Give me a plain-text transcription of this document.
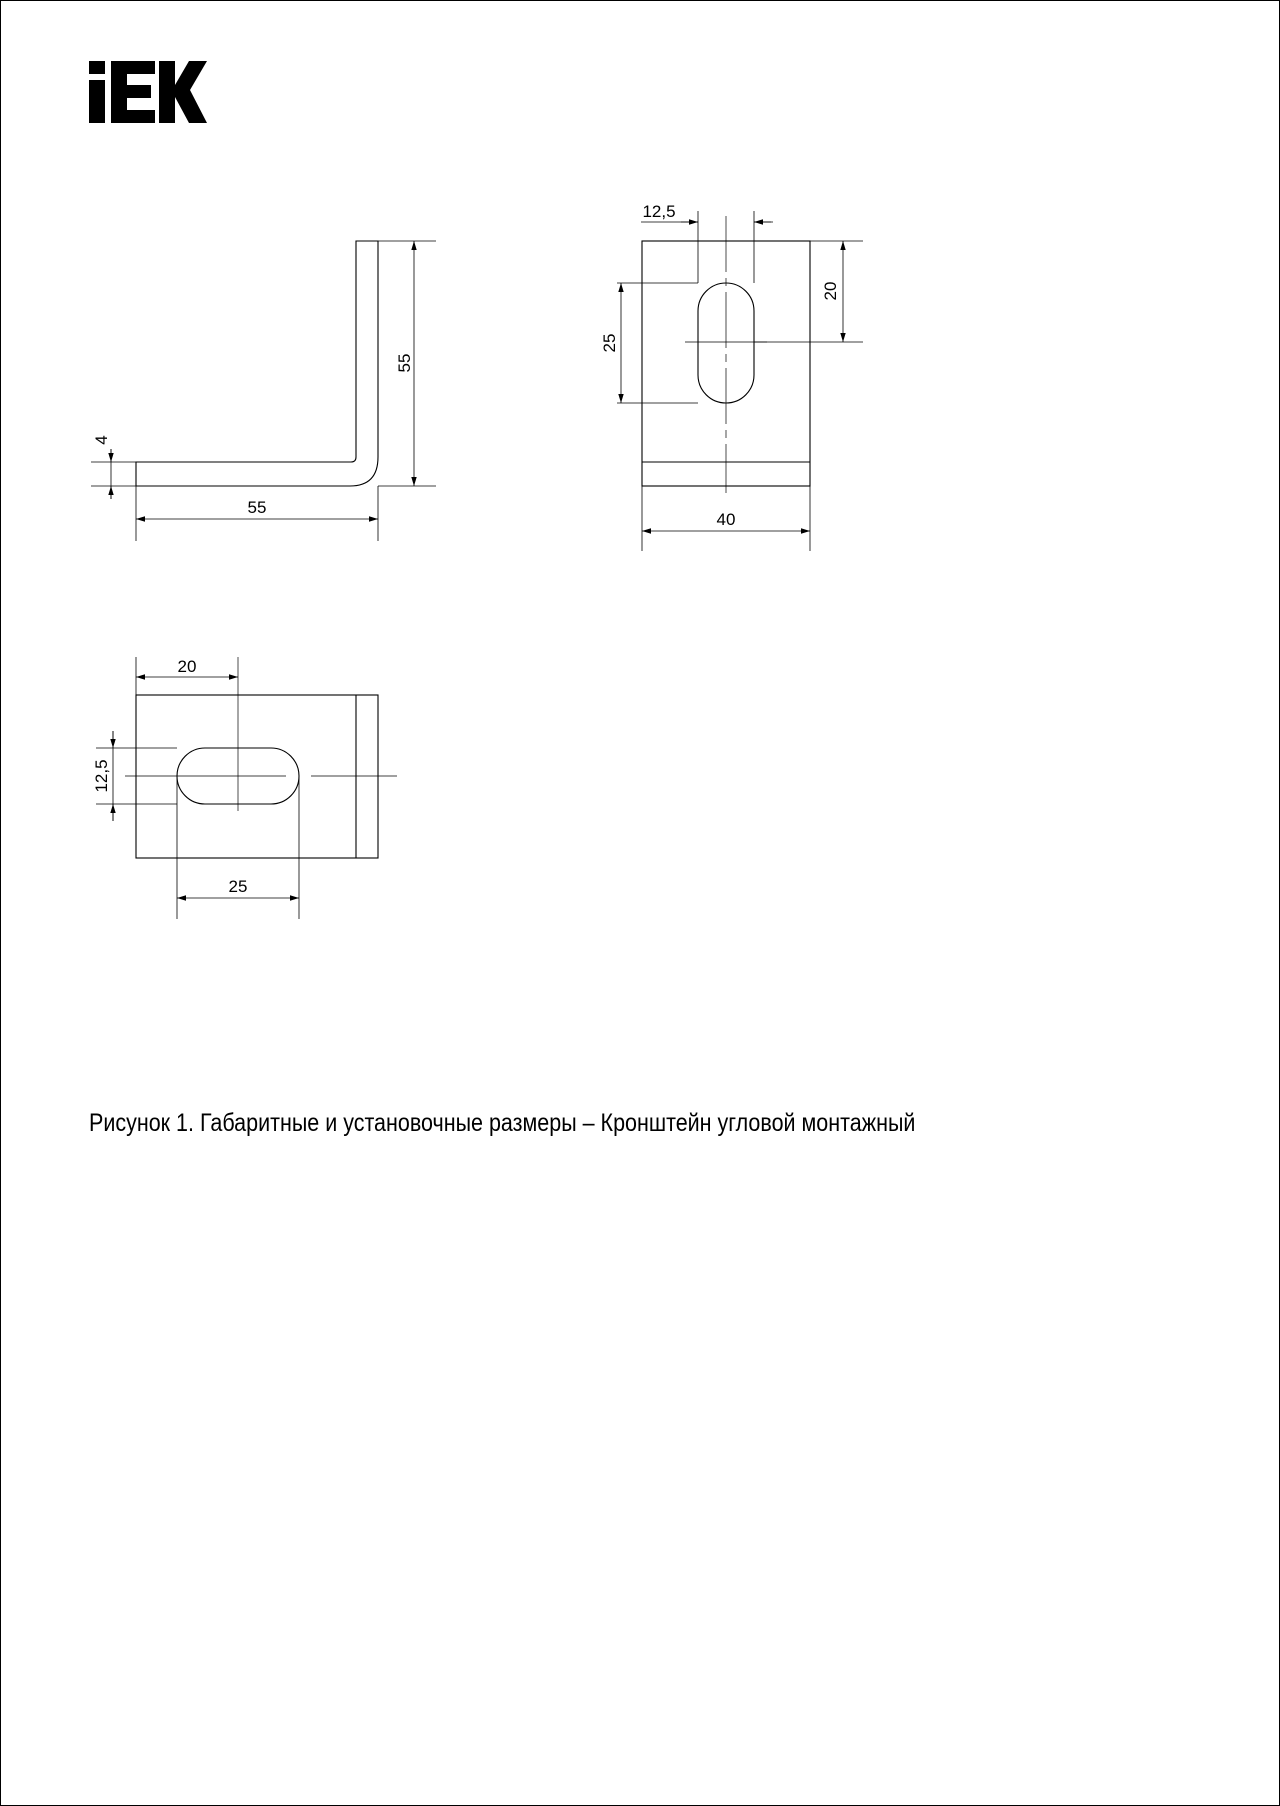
4
55
55
12,5
20
25
40
20
12,5
25
Рисунок 1. Габаритные и установочные размеры – Кронштейн угловой монтажный
